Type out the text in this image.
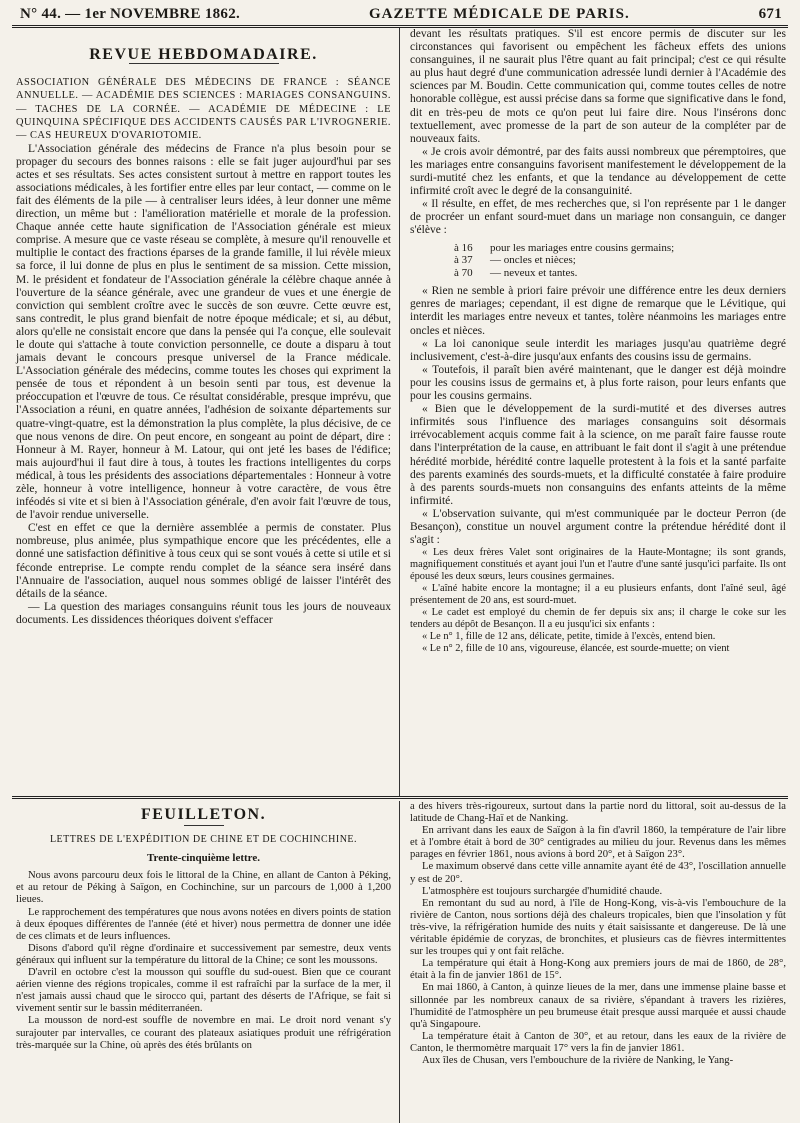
N° 44. — 1er NOVEMBRE 1862.	GAZETTE MÉDICALE DE PARIS.	671
REVUE HEBDOMADAIRE.

ASSOCIATION GÉNÉRALE DES MÉDECINS DE FRANCE : SÉANCE ANNUELLE. — ACADÉMIE DES SCIENCES : MARIAGES CONSANGUINS. — TACHES DE LA CORNÉE. — ACADÉMIE DE MÉDECINE : LE QUINQUINA SPÉCIFIQUE DES ACCIDENTS CAUSÉS PAR L'IVROGNERIE. — CAS HEUREUX D'OVARIOTOMIE.

L'Association générale des médecins de France n'a plus besoin pour se propager du secours des bonnes raisons : elle se fait juger aujourd'hui par ses actes et ses résultats. Ses actes consistent surtout à mettre en rapport toutes les associations médicales, à les fortifier entre elles par leur contact, — comme on le fait des éléments de la pile — à centraliser leurs idées, à leur donner une même direction, un même but : l'amélioration matérielle et morale de la profession. Chaque année cette haute signification de l'Association générale est mieux comprise. A mesure que ce vaste réseau se complète, à mesure qu'il renouvelle et multiplie le contact des fractions éparses de la grande famille, il lui révèle mieux sa force, il lui donne de plus en plus le sentiment de sa mission. Cette mission, M. le président et fondateur de l'Association générale la célèbre chaque année à l'ouverture de la séance générale, avec une grandeur de vues et une énergie de conviction qui semblent croître avec le succès de son œuvre. Cette œuvre est, sans contredit, le plus grand bienfait de notre époque médicale; et si, au début, alors qu'elle ne consistait encore que dans la pensée qui l'a conçue, elle soulevait le doute qui s'attache à toute conviction personnelle, ce doute a disparu à tout jamais devant le concours presque universel de la France médicale. L'Association générale des médecins, comme toutes les choses qui expriment la pensée de tous et répondent à un besoin senti par tous, est devenue la préoccupation et l'œuvre de tous. Ce résultat considérable, presque imprévu, que l'Association a réuni, en quatre années, l'adhésion de soixante départements sur quatre-vingt-quatre, est la démonstration la plus complète, la plus décisive, de ce que nous venons de dire. On peut encore, en songeant au point de départ, dire : Honneur à M. Rayer, honneur à M. Latour, qui ont jeté les bases de l'édifice; mais aujourd'hui il faut dire à tous, à toutes les fractions intelligentes du corps médical, à tous les présidents des associations départementales : Honneur à votre zèle, honneur à votre intelligence, honneur à votre caractère, de vous être inféodés si vite et si bien à l'Association générale, d'en avoir fait l'œuvre de tous, de l'avoir rendue universelle.

C'est en effet ce que la dernière assemblée a permis de constater. Plus nombreuse, plus animée, plus sympathique encore que les précédentes, elle a donné une satisfaction définitive à tous ceux qui se sont voués à cette si utile et si féconde entreprise. Le compte rendu complet de la séance sera inséré dans l'Annuaire de l'association, auquel nous sommes obligé de laisser l'intérêt des détails de la séance.

— La question des mariages consanguins réunit tous les jours de nouveaux documents. Les dissidences théoriques doivent s'effacer

devant les résultats pratiques. S'il est encore permis de discuter sur les circonstances qui favorisent ou empêchent les fâcheux effets des unions consanguines, il ne saurait plus l'être quant au fait principal; c'est ce qui résulte au plus haut degré d'une communication adressée lundi dernier à l'Académie des sciences par M. Boudin. Cette communication qui, comme toutes celles de notre honorable collègue, est aussi précise dans sa forme que significative dans le fond, dit en très-peu de mots ce qu'on peut lui faire dire. Nous l'insérons donc textuellement, avec promesse de la part de son auteur de la compléter par de nouveaux faits.

« Je crois avoir démontré, par des faits aussi nombreux que péremptoires, que les mariages entre consanguins favorisent manifestement le développement de la surdi-mutité chez les enfants, et que la tendance au développement de cette infirmité croît avec le degré de la consanguinité.

« Il résulte, en effet, de mes recherches que, si l'on représente par 1 le danger de procréer un enfant sourd-muet dans un mariage non consanguin, ce danger s'élève :

à 16	pour les mariages entre cousins germains;
à 37	— oncles et nièces;
à 70	— neveux et tantes.

« Rien ne semble à priori faire prévoir une différence entre les deux derniers genres de mariages; cependant, il est digne de remarque que le Lévitique, qui interdit les mariages entre neveux et tantes, tolère néanmoins les mariages entre oncles et nièces.

« La loi canonique seule interdit les mariages jusqu'au quatrième degré inclusivement, c'est-à-dire jusqu'aux enfants des cousins issu de germains.

« Toutefois, il paraît bien avéré maintenant, que le danger est déjà moindre pour les cousins issus de germains et, à plus forte raison, pour leurs enfants que pour les cousins germains.

« Bien que le développement de la surdi-mutité et des diverses autres infirmités sous l'influence des mariages consanguins soit désormais irrévocablement acquis comme fait à la science, on me paraît faire fausse route dans l'interprétation de la cause, en attribuant le fait dont il s'agit à une prétendue hérédité morbide, hérédité contre laquelle protestent à la fois et la santé parfaite des parents examinés des sourds-muets, et la difficulté constatée à faire produire à des parents sourds-muets non consanguins des enfants atteints de la même infirmité.

« L'observation suivante, qui m'est communiquée par le docteur Perron (de Besançon), constitue un nouvel argument contre la prétendue hérédité dont il s'agit :

« Les deux frères Valet sont originaires de la Haute-Montagne; ils sont grands, magnifiquement constitués et ayant joui l'un et l'autre d'une santé jusqu'ici parfaite. Ils ont épousé les deux sœurs, leurs cousines germaines.

« L'aîné habite encore la montagne; il a eu plusieurs enfants, dont l'aîné seul, âgé présentement de 20 ans, est sourd-muet.

« Le cadet est employé du chemin de fer depuis six ans; il charge le coke sur les tenders au dépôt de Besançon. Il a eu jusqu'ici six enfants :

« Le n° 1, fille de 12 ans, délicate, petite, timide à l'excès, entend bien.

« Le n° 2, fille de 10 ans, vigoureuse, élancée, est sourde-muette; on vient

FEUILLETON.
LETTRES DE L'EXPÉDITION DE CHINE ET DE COCHINCHINE.
Trente-cinquième lettre.

Nous avons parcouru deux fois le littoral de la Chine, en allant de Canton à Péking, et au retour de Péking à Saïgon, en Cochinchine, sur un parcours de 1,000 à 1,200 lieues.

Le rapprochement des températures que nous avons notées en divers points de station à deux époques différentes de l'année (été et hiver) nous permettra de donner une idée de ces climats et de leurs influences.

Disons d'abord qu'il règne d'ordinaire et successivement par semestre, deux vents généraux qui influent sur la température du littoral de la Chine; ce sont les moussons.

D'avril en octobre c'est la mousson qui souffle du sud-ouest. Bien que ce courant aérien vienne des régions tropicales, comme il est rafraîchi par la surface de la mer, il n'est jamais aussi chaud que le sirocco qui, partant des déserts de l'Afrique, se fait si vivement sentir sur le bassin méditerranéen.

La mousson de nord-est souffle de novembre en mai. Le droit nord venant s'y surajouter par intervalles, ce courant des plateaux asiatiques produit une réfrigération très-marquée sur la Chine, où après des étés brûlants on

a des hivers très-rigoureux, surtout dans la partie nord du littoral, soit au-dessus de la latitude de Chang-Haï et de Nanking.

En arrivant dans les eaux de Saïgon à la fin d'avril 1860, la température de l'air libre et à l'ombre était à bord de 30° centigrades au milieu du jour. Revenus dans les mêmes parages en février 1861, nous avions à bord 20°, et à Saïgon 23°.

Le maximum observé dans cette ville annamite ayant été de 43°, l'oscillation annuelle y est de 20°.

L'atmosphère est toujours surchargée d'humidité chaude.

En remontant du sud au nord, à l'île de Hong-Kong, vis-à-vis l'embouchure de la rivière de Canton, nous sortions déjà des chaleurs tropicales, bien que l'insolation y fût très-vive, la réfrigération humide des nuits y était saisissante et dangereuse. De là une véritable épidémie de coryzas, de bronchites, et plusieurs cas de fièvres intermittentes sur les troupes qui y ont fait relâche.

La température qui était à Hong-Kong aux premiers jours de mai de 1860, de 28°, était à la fin de janvier 1861 de 15°.

En mai 1860, à Canton, à quinze lieues de la mer, dans une immense plaine basse et sillonnée par les nombreux canaux de sa rivière, s'épandant à travers les rizières, l'humidité de l'atmosphère un peu brumeuse était presque aussi marquée et aussi chaude qu'à Singapoure.

La température était à Canton de 30°, et au retour, dans les eaux de la rivière de Canton, le thermomètre marquait 17° vers la fin de janvier 1861.

Aux îles de Chusan, vers l'embouchure de la rivière de Nanking, le Yang-
